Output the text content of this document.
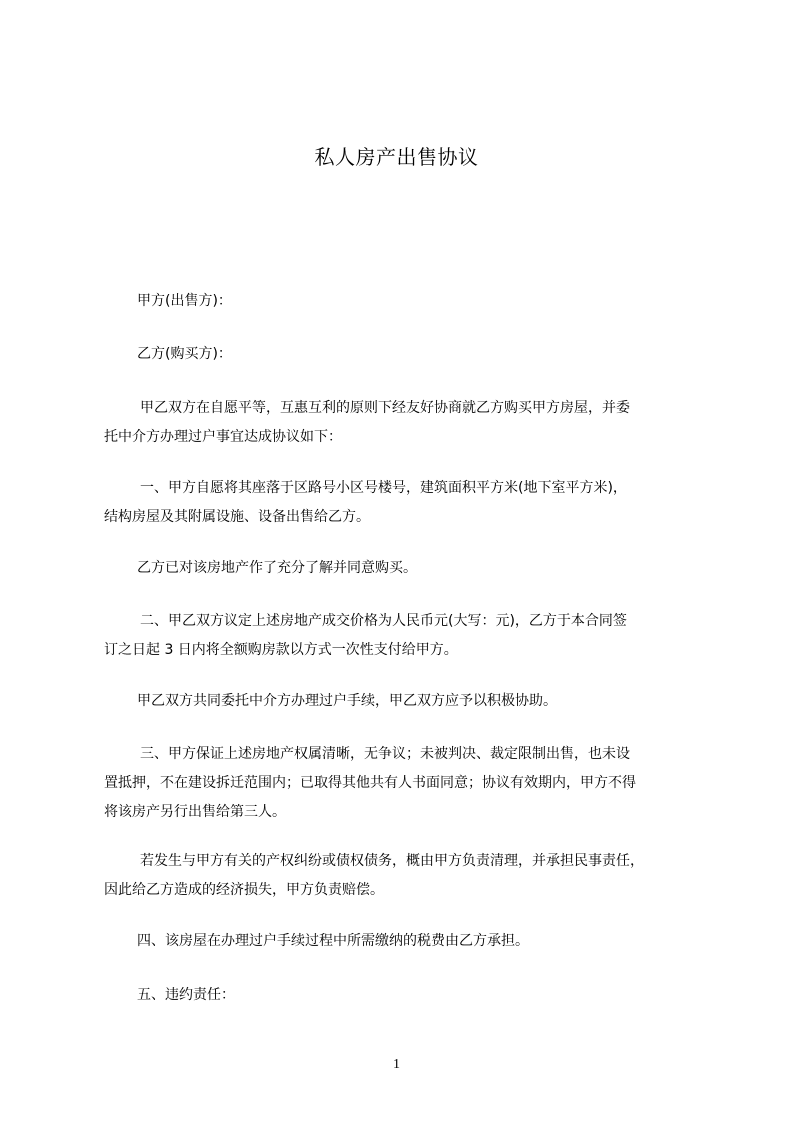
私人房产出售协议
甲方(出售方)：
乙方(购买方)：
甲乙双方在自愿平等，互惠互利的原则下经友好协商就乙方购买甲方房屋，并委
托中介方办理过户事宜达成协议如下：
一、甲方自愿将其座落于区路号小区号楼号，建筑面积平方米(地下室平方米)，
结构房屋及其附属设施、设备出售给乙方。
乙方已对该房地产作了充分了解并同意购买。
二、甲乙双方议定上述房地产成交价格为人民币元(大写：元)，乙方于本合同签
订之日起 3 日内将全额购房款以方式一次性支付给甲方。
甲乙双方共同委托中介方办理过户手续，甲乙双方应予以积极协助。
三、甲方保证上述房地产权属清晰，无争议；未被判决、裁定限制出售，也未设
置抵押，不在建设拆迁范围内；已取得其他共有人书面同意；协议有效期内，甲方不得
将该房产另行出售给第三人。
若发生与甲方有关的产权纠纷或债权债务，概由甲方负责清理，并承担民事责任，
因此给乙方造成的经济损失，甲方负责赔偿。
四、该房屋在办理过户手续过程中所需缴纳的税费由乙方承担。
五、违约责任：
1
